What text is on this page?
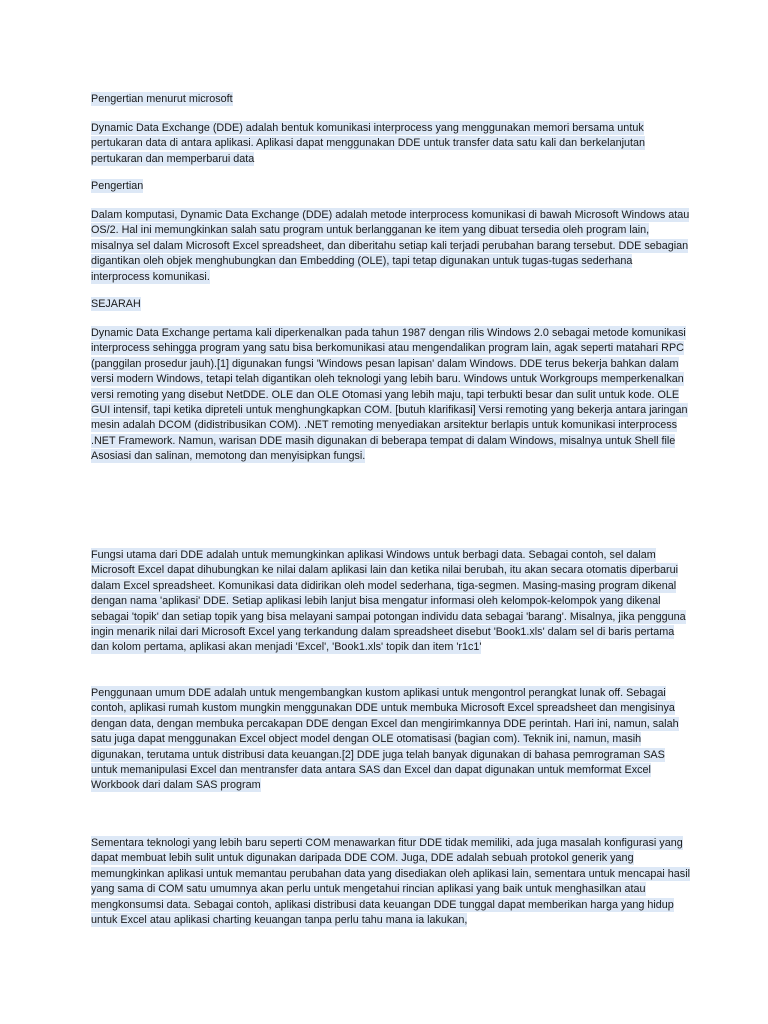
Pengertian menurut microsoft

Dynamic Data Exchange (DDE) adalah bentuk komunikasi interprocess yang menggunakan memori bersama untuk pertukaran data di antara aplikasi. Aplikasi dapat menggunakan DDE untuk transfer data satu kali dan berkelanjutan pertukaran dan memperbarui data

Pengertian

Dalam komputasi, Dynamic Data Exchange (DDE) adalah metode interprocess komunikasi di bawah Microsoft Windows atau OS/2. Hal ini memungkinkan salah satu program untuk berlangganan ke item yang dibuat tersedia oleh program lain, misalnya sel dalam Microsoft Excel spreadsheet, dan diberitahu setiap kali terjadi perubahan barang tersebut. DDE sebagian digantikan oleh objek menghubungkan dan Embedding (OLE), tapi tetap digunakan untuk tugas-tugas sederhana interprocess komunikasi.

SEJARAH

Dynamic Data Exchange pertama kali diperkenalkan pada tahun 1987 dengan rilis Windows 2.0 sebagai metode komunikasi interprocess sehingga program yang satu bisa berkomunikasi atau mengendalikan program lain, agak seperti matahari RPC (panggilan prosedur jauh).[1] digunakan fungsi 'Windows pesan lapisan' dalam Windows. DDE terus bekerja bahkan dalam versi modern Windows, tetapi telah digantikan oleh teknologi yang lebih baru. Windows untuk Workgroups memperkenalkan versi remoting yang disebut NetDDE. OLE dan OLE Otomasi yang lebih maju, tapi terbukti besar dan sulit untuk kode. OLE GUI intensif, tapi ketika dipreteli untuk menghungkapkan COM. [butuh klarifikasi] Versi remoting yang bekerja antara jaringan mesin adalah DCOM (didistribusikan COM). .NET remoting menyediakan arsitektur berlapis untuk komunikasi interprocess .NET Framework. Namun, warisan DDE masih digunakan di beberapa tempat di dalam Windows, misalnya untuk Shell file Asosiasi dan salinan, memotong dan menyisipkan fungsi.

Fungsi utama dari DDE adalah untuk memungkinkan aplikasi Windows untuk berbagi data. Sebagai contoh, sel dalam Microsoft Excel dapat dihubungkan ke nilai dalam aplikasi lain dan ketika nilai berubah, itu akan secara otomatis diperbarui dalam Excel spreadsheet. Komunikasi data didirikan oleh model sederhana, tiga-segmen. Masing-masing program dikenal dengan nama 'aplikasi' DDE. Setiap aplikasi lebih lanjut bisa mengatur informasi oleh kelompok-kelompok yang dikenal sebagai 'topik' dan setiap topik yang bisa melayani sampai potongan individu data sebagai 'barang'. Misalnya, jika pengguna ingin menarik nilai dari Microsoft Excel yang terkandung dalam spreadsheet disebut 'Book1.xls' dalam sel di baris pertama dan kolom pertama, aplikasi akan menjadi 'Excel', 'Book1.xls' topik dan item 'r1c1'

Penggunaan umum DDE adalah untuk mengembangkan kustom aplikasi untuk mengontrol perangkat lunak off. Sebagai contoh, aplikasi rumah kustom mungkin menggunakan DDE untuk membuka Microsoft Excel spreadsheet dan mengisinya dengan data, dengan membuka percakapan DDE dengan Excel dan mengirimkannya DDE perintah. Hari ini, namun, salah satu juga dapat menggunakan Excel object model dengan OLE otomatisasi (bagian com). Teknik ini, namun, masih digunakan, terutama untuk distribusi data keuangan.[2] DDE juga telah banyak digunakan di bahasa pemrograman SAS untuk memanipulasi Excel dan mentransfer data antara SAS dan Excel dan dapat digunakan untuk memformat Excel Workbook dari dalam SAS program

Sementara teknologi yang lebih baru seperti COM menawarkan fitur DDE tidak memiliki, ada juga masalah konfigurasi yang dapat membuat lebih sulit untuk digunakan daripada DDE COM. Juga, DDE adalah sebuah protokol generik yang memungkinkan aplikasi untuk memantau perubahan data yang disediakan oleh aplikasi lain, sementara untuk mencapai hasil yang sama di COM satu umumnya akan perlu untuk mengetahui rincian aplikasi yang baik untuk menghasilkan atau mengkonsumsi data. Sebagai contoh, aplikasi distribusi data keuangan DDE tunggal dapat memberikan harga yang hidup untuk Excel atau aplikasi charting keuangan tanpa perlu tahu mana ia lakukan,
